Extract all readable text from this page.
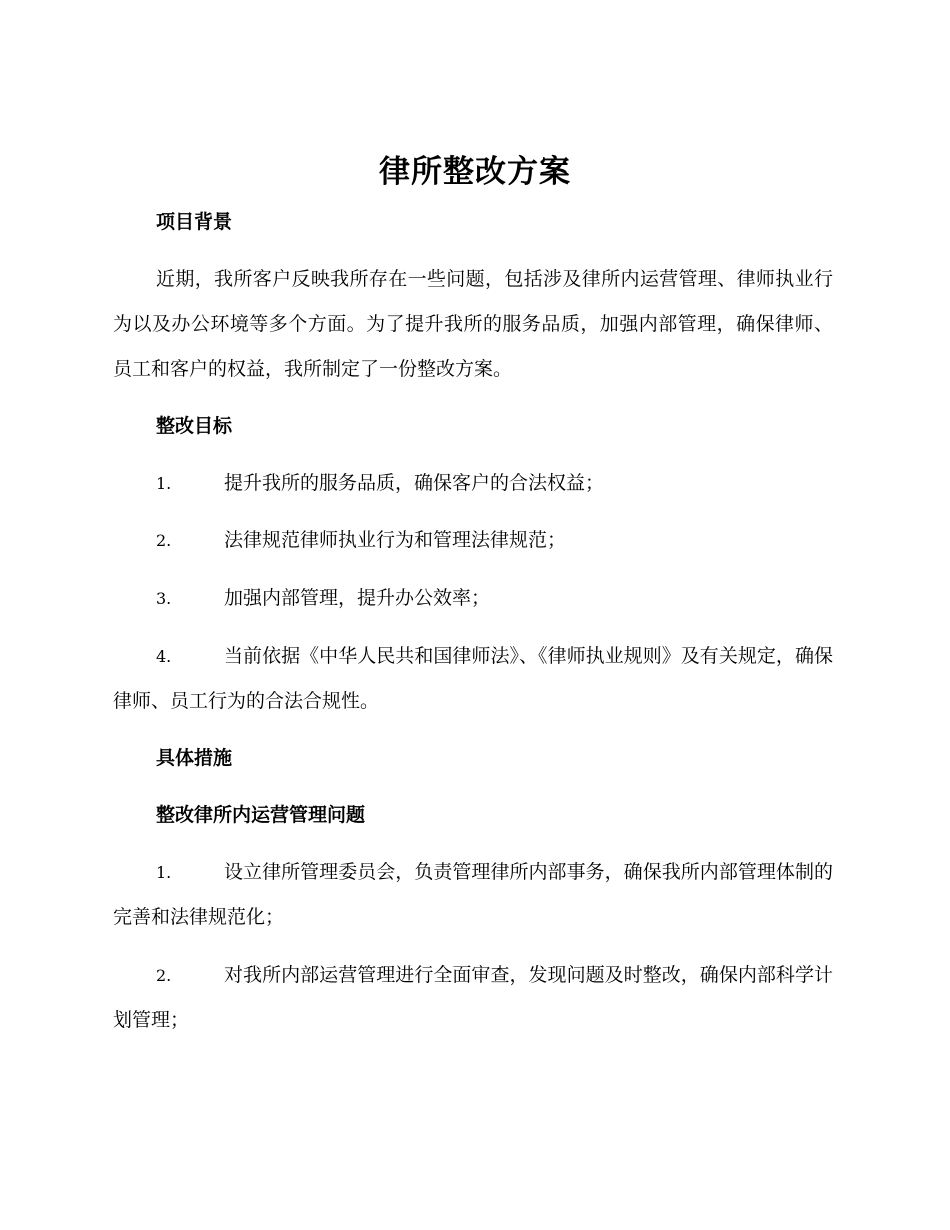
律所整改方案
项目背景
近期，我所客户反映我所存在一些问题，包括涉及律所内运营管理、律师执业行为以及办公环境等多个方面。为了提升我所的服务品质，加强内部管理，确保律师、员工和客户的权益，我所制定了一份整改方案。
整改目标
1.	提升我所的服务品质，确保客户的合法权益；
2.	法律规范律师执业行为和管理法律规范；
3.	加强内部管理，提升办公效率；
4.	当前依据《中华人民共和国律师法》、《律师执业规则》及有关规定，确保律师、员工行为的合法合规性。
具体措施
整改律所内运营管理问题
1.	设立律所管理委员会，负责管理律所内部事务，确保我所内部管理体制的完善和法律规范化；
2.	对我所内部运营管理进行全面审查，发现问题及时整改，确保内部科学计划管理；
